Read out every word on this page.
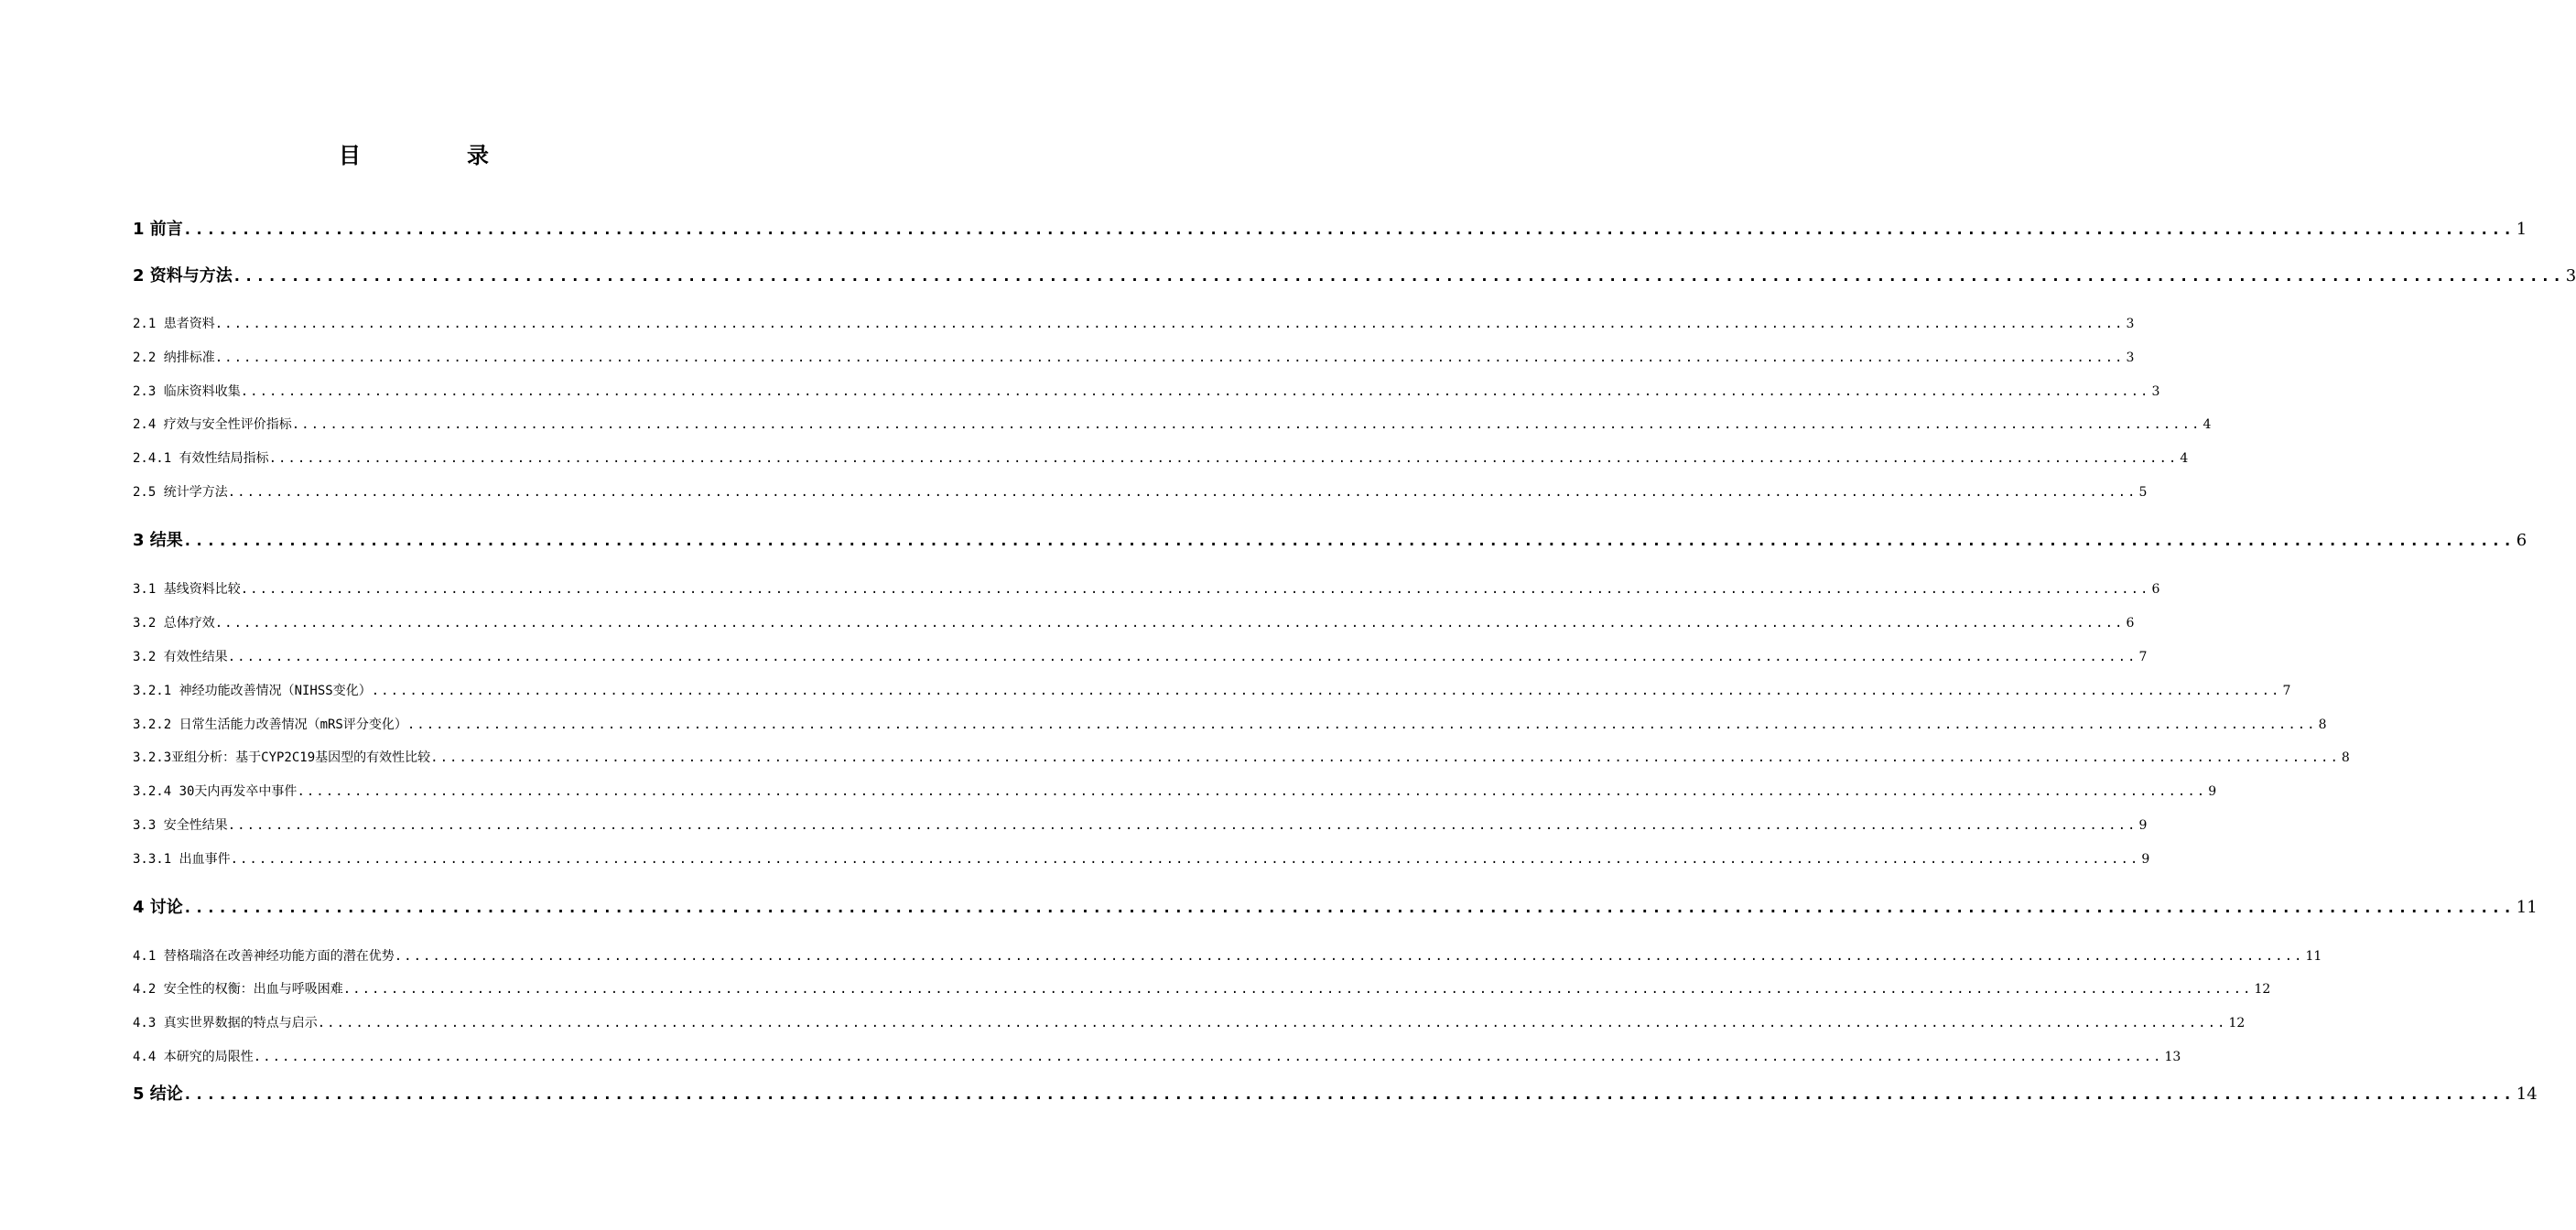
目　录
1 前言 ........................................................................................................................................................................................................ 1
2 资料与方法 ........................................................................................................................................................................................................ 3
2.1 患者资料 ........................................................................................................................................................................................................ 3
2.2 纳排标准 ........................................................................................................................................................................................................ 3
2.3 临床资料收集 ........................................................................................................................................................................................................ 3
2.4 疗效与安全性评价指标 ........................................................................................................................................................................................................ 4
2.4.1 有效性结局指标 ........................................................................................................................................................................................................ 4
2.5 统计学方法 ........................................................................................................................................................................................................ 5
3 结果 ........................................................................................................................................................................................................ 6
3.1 基线资料比较 ........................................................................................................................................................................................................ 6
3.2 总体疗效 ........................................................................................................................................................................................................ 6
3.2 有效性结果 ........................................................................................................................................................................................................ 7
3.2.1 神经功能改善情况（NIHSS变化） ........................................................................................................................................................................................................ 7
3.2.2 日常生活能力改善情况（mRS评分变化） ........................................................................................................................................................................................................ 8
3.2.3亚组分析：基于CYP2C19基因型的有效性比较 ........................................................................................................................................................................................................ 8
3.2.4 30天内再发卒中事件 ........................................................................................................................................................................................................ 9
3.3 安全性结果 ........................................................................................................................................................................................................ 9
3.3.1 出血事件 ........................................................................................................................................................................................................ 9
4 讨论 ........................................................................................................................................................................................................ 11
4.1 替格瑞洛在改善神经功能方面的潜在优势 ........................................................................................................................................................................................................ 11
4.2 安全性的权衡：出血与呼吸困难 ........................................................................................................................................................................................................ 12
4.3 真实世界数据的特点与启示 ........................................................................................................................................................................................................ 12
4.4 本研究的局限性 ........................................................................................................................................................................................................ 13
5 结论 ........................................................................................................................................................................................................ 14
